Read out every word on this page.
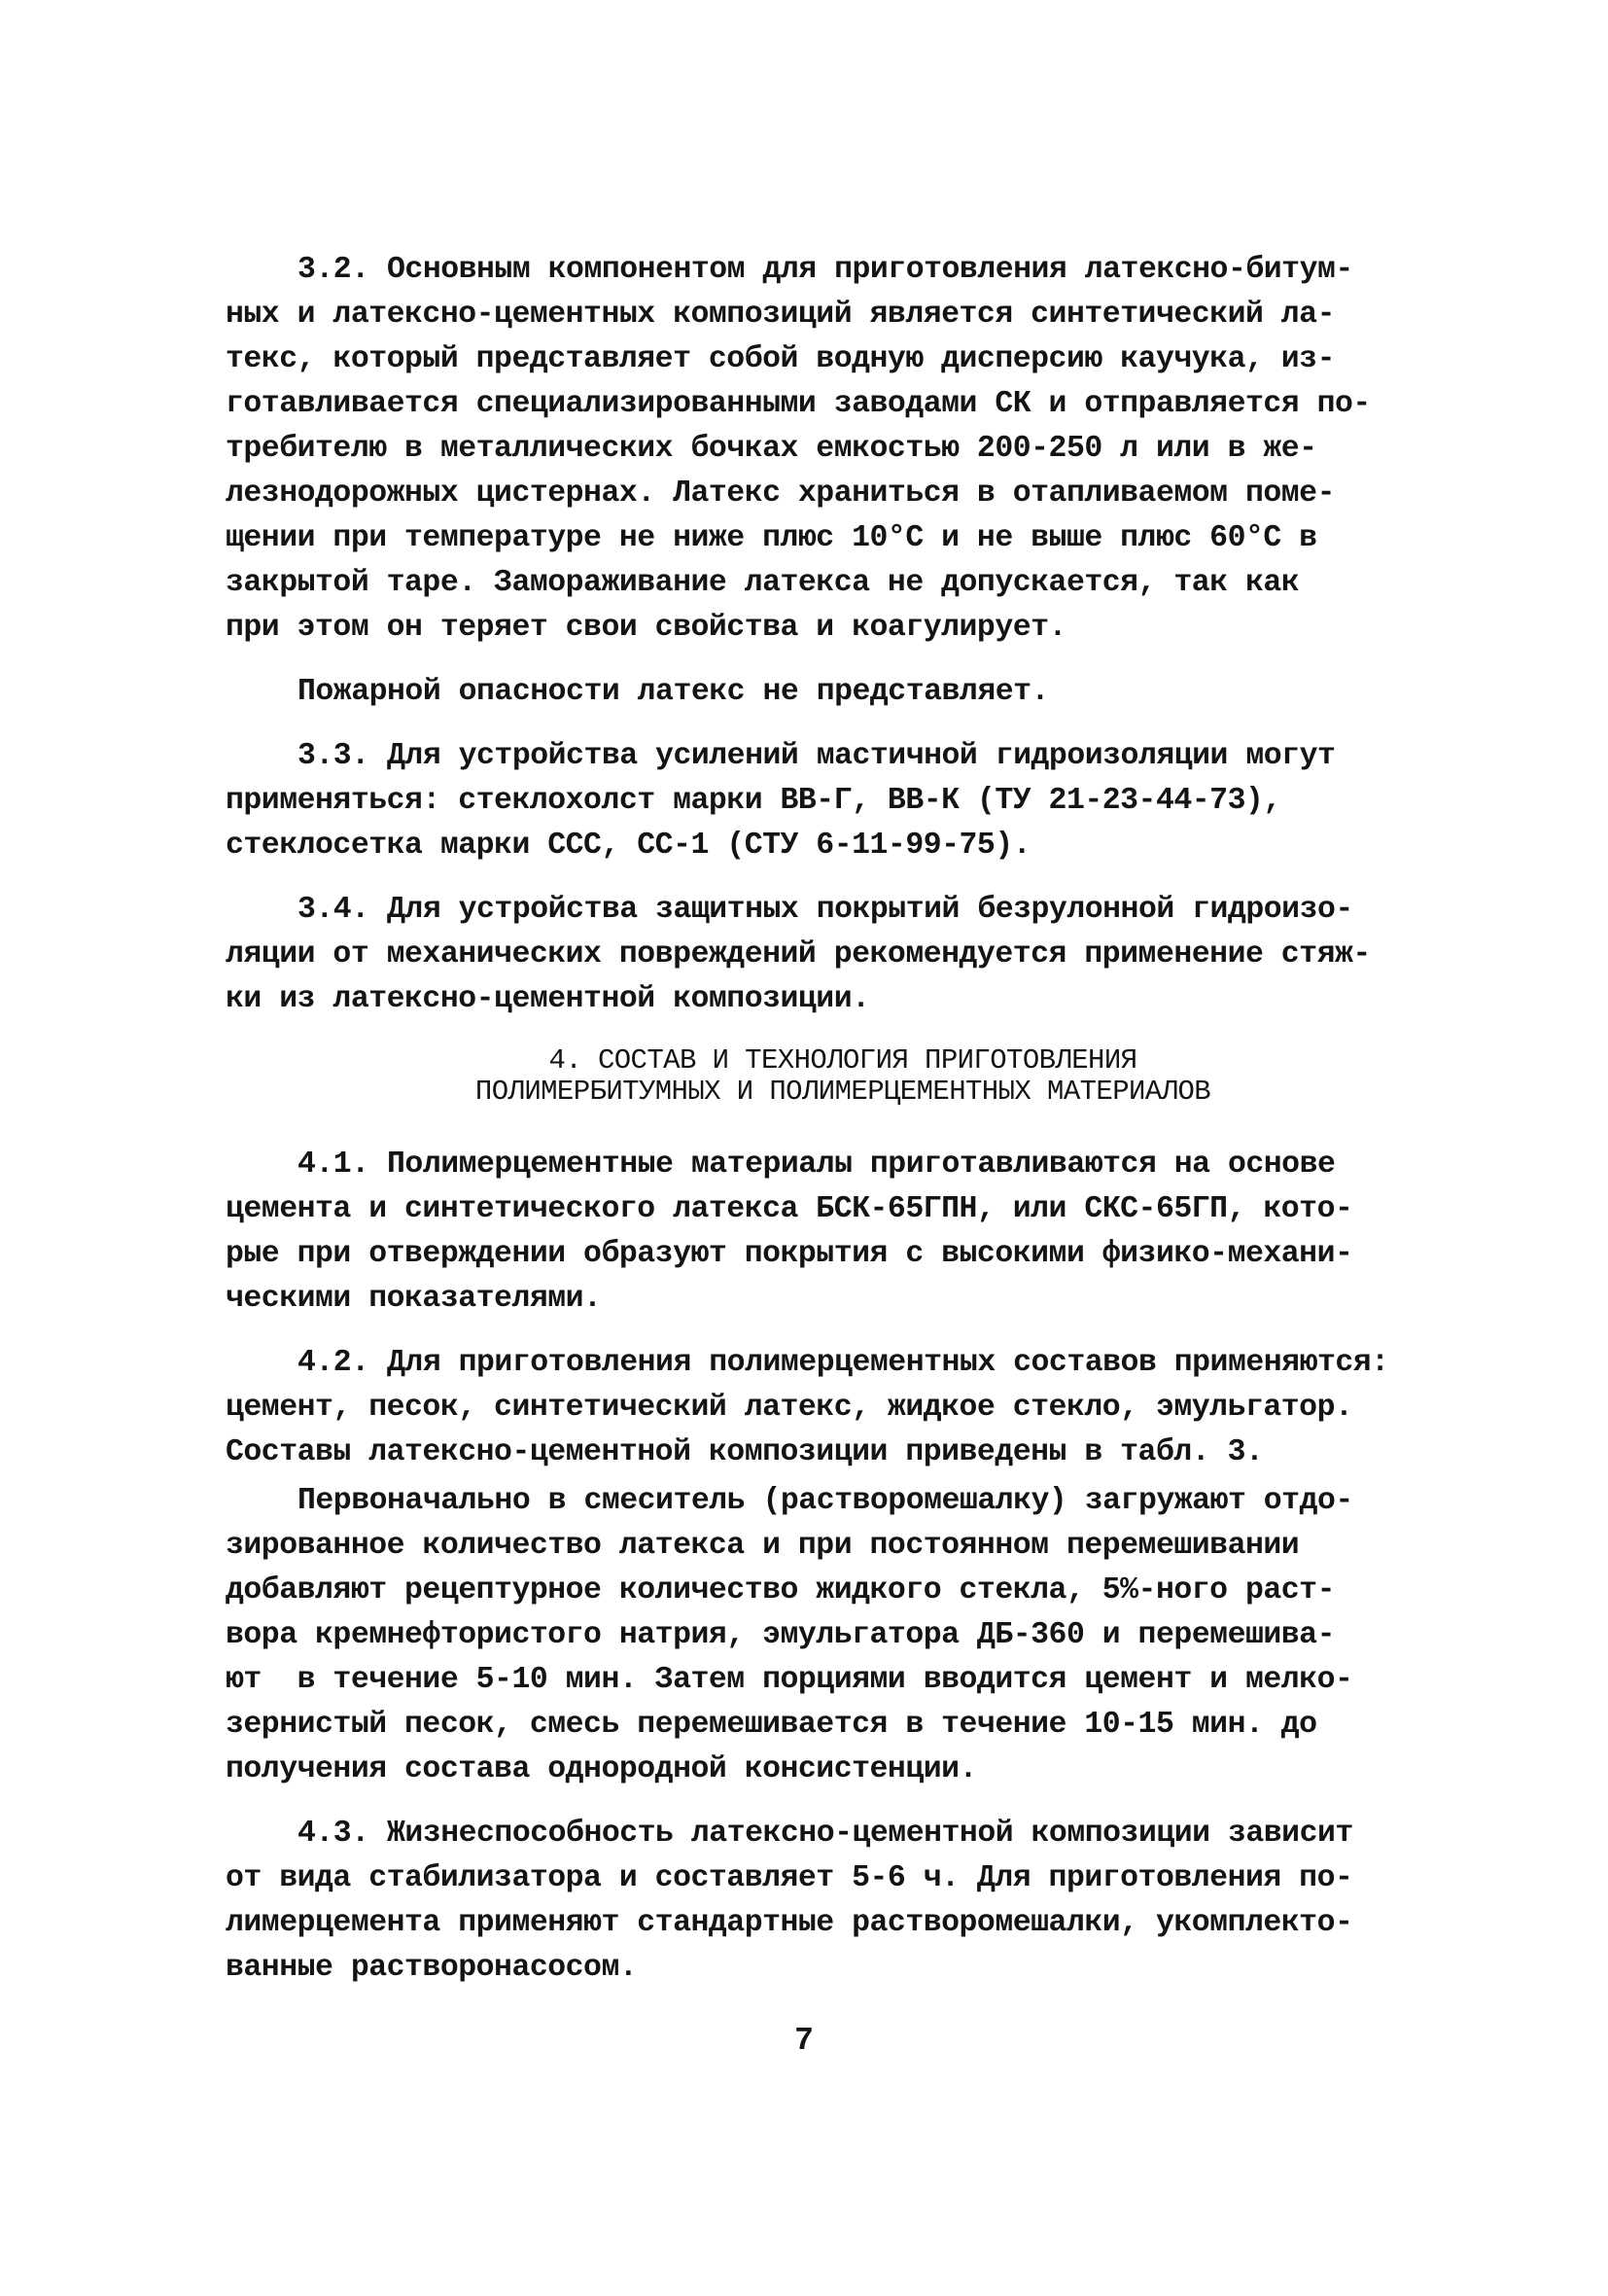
3.2. Основным компонентом для приготовления латексно-битум-
ных и латексно-цементных композиций является синтетический ла-
текс, который представляет собой водную дисперсию каучука, из-
готавливается специализированными заводами СК и отправляется по-
требителю в металлических бочках емкостью 200-250 л или в же-
лезнодорожных цистернах. Латекс храниться в отапливаемом поме-
щении при температуре не ниже плюс 10°С и не выше плюс 60°С в
закрытой таре. Замораживание латекса не допускается, так как
при этом он теряет свои свойства и коагулирует.
Пожарной опасности латекс не представляет.
3.3. Для устройства усилений мастичной гидроизоляции могут
применяться: стеклохолст марки ВВ-Г, ВВ-К (ТУ 21-23-44-73),
стеклосетка марки ССС, СС-1 (СТУ 6-11-99-75).
3.4. Для устройства защитных покрытий бeзрулонной гидроизо-
ляции от механических повреждений рекомендуется применение стяж-
ки из латексно-цементной композиции.
4. СОСТАВ И ТЕХНОЛОГИЯ ПРИГОТОВЛЕНИЯ
ПОЛИМЕРБИТУМНЫХ И ПОЛИМЕРЦЕМЕНТНЫХ МАТЕРИАЛОВ
4.1. Полимерцементные материалы приготавливаются на основе
цемента и синтетического латекса БСК-65ГПН, или СКС-65ГП, кото-
рые при отверждении образуют покрытия с высокими физико-механи-
ческими показателями.
4.2. Для приготовления полимерцементных составов применяются:
цемент, песок, синтетический латекс, жидкое стекло, эмульгатор.
Составы латексно-цементной композиции приведены в табл. 3.
Первоначально в смеситель (растворомешалку) загружают отдо-
зированное количество латекса и при постоянном перемешивании
добавляют рецептурное количество жидкого стекла, 5%-ного раст-
вора кремнефтористого натрия, эмульгатора ДБ-360 и перемешива-
ют  в течение 5-10 мин. Затем порциями вводится цемент и мелко-
зернистый песок, смесь перемешивается в течение 10-15 мин. до
получения состава однородной консистенции.
4.3. Жизнеспособность латексно-цементной композиции зависит
от вида стабилизатора и составляет 5-6 ч. Для приготовления по-
лимерцемента применяют стандартные растворомешалки, укомплекто-
ванные растворонасосом.
7
